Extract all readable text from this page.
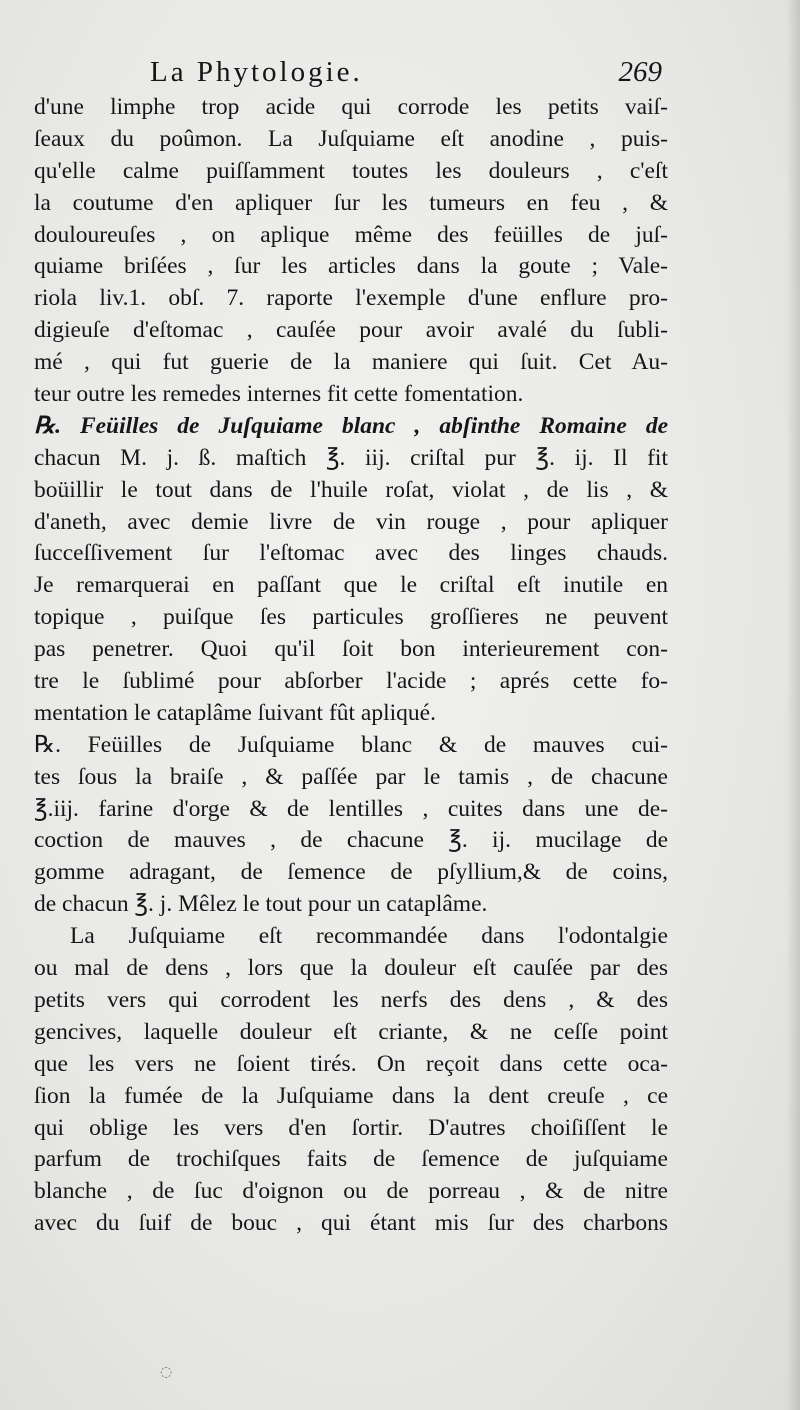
La Phytologie.	269
d'une limphe trop acide qui corrode les petits vaiſ-
ſeaux du poûmon. La Juſquiame eſt anodine , puis-
qu'elle calme puiſſamment toutes les douleurs , c'eſt
la coutume d'en apliquer ſur les tumeurs en feu , &
douloureuſes , on aplique même des feüilles de juſ-
quiame briſées , ſur les articles dans la goute ; Vale-
riola liv.1. obſ. 7. raporte l'exemple d'une enflure pro-
digieuſe d'eſtomac , cauſée pour avoir avalé du ſubli-
mé , qui fut guerie de la maniere qui ſuit. Cet Au-
teur outre les remedes internes fit cette fomentation.
℞. Feüilles de Juſquiame blanc , abſinthe Romaine de
chacun M. j. ß. maſtich ℥. iij. criſtal pur ℥. ij. Il fit
boüillir le tout dans de l'huile roſat, violat , de lis , &
d'aneth, avec demie livre de vin rouge , pour apliquer
ſucceſſivement ſur l'eſtomac avec des linges chauds.
Je remarquerai en paſſant que le criſtal eſt inutile en
topique , puiſque ſes particules groſſieres ne peuvent
pas penetrer. Quoi qu'il ſoit bon interieurement con-
tre le ſublimé pour abſorber l'acide ; aprés cette fo-
mentation le cataplâme ſuivant fût apliqué.
℞. Feüilles de Juſquiame blanc & de mauves cui-
tes ſous la braiſe , & paſſée par le tamis , de chacune
℥.iij. farine d'orge & de lentilles , cuites dans une de-
coction de mauves , de chacune ℥. ij. mucilage de
gomme adragant, de ſemence de pſyllium,& de coins,
de chacun ℥. j. Mêlez le tout pour un cataplâme.
La Juſquiame eſt recommandée dans l'odontalgie
ou mal de dens , lors que la douleur eſt cauſée par des
petits vers qui corrodent les nerfs des dens , & des
gencives, laquelle douleur eſt criante, & ne ceſſe point
que les vers ne ſoient tirés. On reçoit dans cette oca-
ſion la fumée de la Juſquiame dans la dent creuſe , ce
qui oblige les vers d'en ſortir. D'autres choiſiſſent le
parfum de trochiſques faits de ſemence de juſquiame
blanche , de ſuc d'oignon ou de porreau , & de nitre
avec du ſuif de bouc , qui étant mis ſur des charbons
◌
